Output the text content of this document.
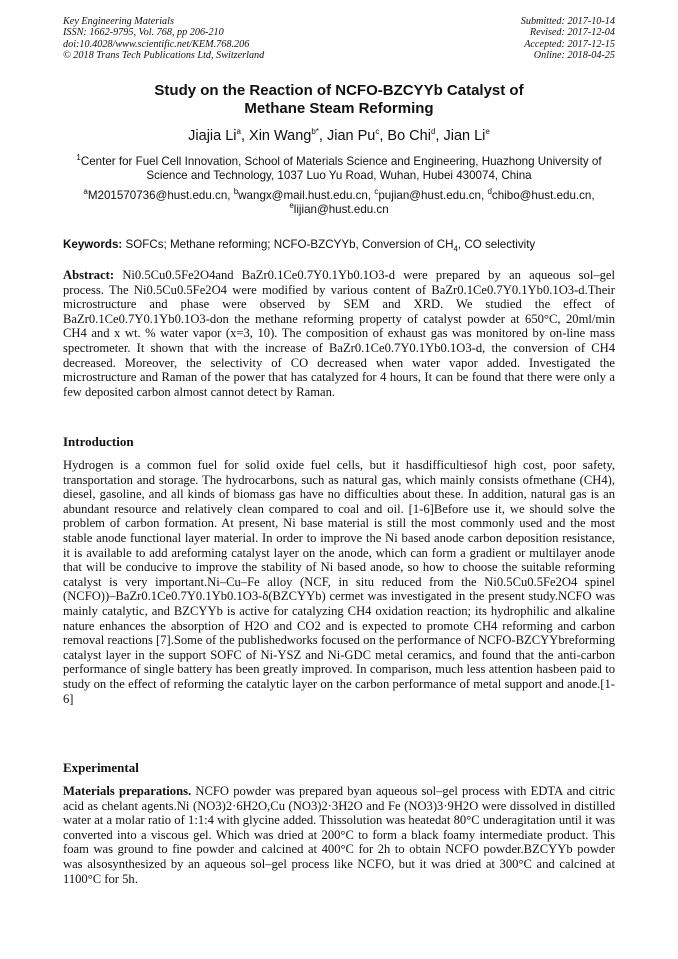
Key Engineering Materials
ISSN: 1662-9795, Vol. 768, pp 206-210
doi:10.4028/www.scientific.net/KEM.768.206
© 2018 Trans Tech Publications Ltd, Switzerland
Submitted: 2017-10-14
Revised: 2017-12-04
Accepted: 2017-12-15
Online: 2018-04-25
Study on the Reaction of NCFO-BZCYYb Catalyst of
Methane Steam Reforming
Jiajia Li$^a$, Xin Wang$^{b*}$, Jian Pu$^c$, Bo Chi$^d$, Jian Li$^e$
$^1$Center for Fuel Cell Innovation, School of Materials Science and Engineering, Huazhong University of Science and Technology, 1037 Luo Yu Road, Wuhan, Hubei 430074, China
$^a$M201570736@hust.edu.cn, $^b$wangx@mail.hust.edu.cn, $^c$pujian@hust.edu.cn, $^d$chibo@hust.edu.cn,
$^e$lijian@hust.edu.cn
Keywords: SOFCs; Methane reforming; NCFO-BZCYYb, Conversion of $CH_4$, CO selectivity
Abstract: Ni0.5Cu0.5Fe2O4and BaZr0.1Ce0.7Y0.1Yb0.1O3-d were prepared by an aqueous sol–gel process. The Ni0.5Cu0.5Fe2O4 were modified by various content of BaZr0.1Ce0.7Y0.1Yb0.1O3-d.Their microstructure and phase were observed by SEM and XRD. We studied the effect of BaZr0.1Ce0.7Y0.1Yb0.1O3-don the methane reforming property of catalyst powder at 650°C, 20ml/min CH4 and x wt. % water vapor (x=3, 10). The composition of exhaust gas was monitored by on-line mass spectrometer. It shown that with the increase of BaZr0.1Ce0.7Y0.1Yb0.1O3-d, the conversion of CH4 decreased. Moreover, the selectivity of CO decreased when water vapor added. Investigated the microstructure and Raman of the power that has catalyzed for 4 hours, It can be found that there were only a few deposited carbon almost cannot detect by Raman.
Introduction
Hydrogen is a common fuel for solid oxide fuel cells, but it hasdifficultiesof high cost, poor safety, transportation and storage. The hydrocarbons, such as natural gas, which mainly consists ofmethane (CH4), diesel, gasoline, and all kinds of biomass gas have no difficulties about these. In addition, natural gas is an abundant resource and relatively clean compared to coal and oil. [1-6]Before use it, we should solve the problem of carbon formation. At present, Ni base material is still the most commonly used and the most stable anode functional layer material. In order to improve the Ni based anode carbon deposition resistance, it is available to add areforming catalyst layer on the anode, which can form a gradient or multilayer anode that will be conducive to improve the stability of Ni based anode, so how to choose the suitable reforming catalyst is very important.Ni–Cu–Fe alloy (NCF, in situ reduced from the Ni0.5Cu0.5Fe2O4 spinel (NCFO))–BaZr0.1Ce0.7Y0.1Yb0.1O3-δ(BZCYYb) cermet was investigated in the present study.NCFO was mainly catalytic, and BZCYYb is active for catalyzing CH4 oxidation reaction; its hydrophilic and alkaline nature enhances the absorption of H2O and CO2 and is expected to promote CH4 reforming and carbon removal reactions [7].Some of the publishedworks focused on the performance of NCFO-BZCYYbreforming catalyst layer in the support SOFC of Ni-YSZ and Ni-GDC metal ceramics, and found that the anti-carbon performance of single battery has been greatly improved. In comparison, much less attention hasbeen paid to study on the effect of reforming the catalytic layer on the carbon performance of metal support and anode.[1-6]
Experimental
Materials preparations. NCFO powder was prepared byan aqueous sol–gel process with EDTA and citric acid as chelant agents.Ni (NO3)2·6H2O,Cu (NO3)2·3H2O and Fe (NO3)3·9H2O were dissolved in distilled water at a molar ratio of 1:1:4 with glycine added. Thissolution was heatedat 80°C underagitation until it was converted into a viscous gel. Which was dried at 200°C to form a black foamy intermediate product. This foam was ground to fine powder and calcined at 400°C for 2h to obtain NCFO powder.BZCYYb powder was alsosynthesized by an aqueous sol–gel process like NCFO, but it was dried at 300°C and calcined at 1100°C for 5h.
